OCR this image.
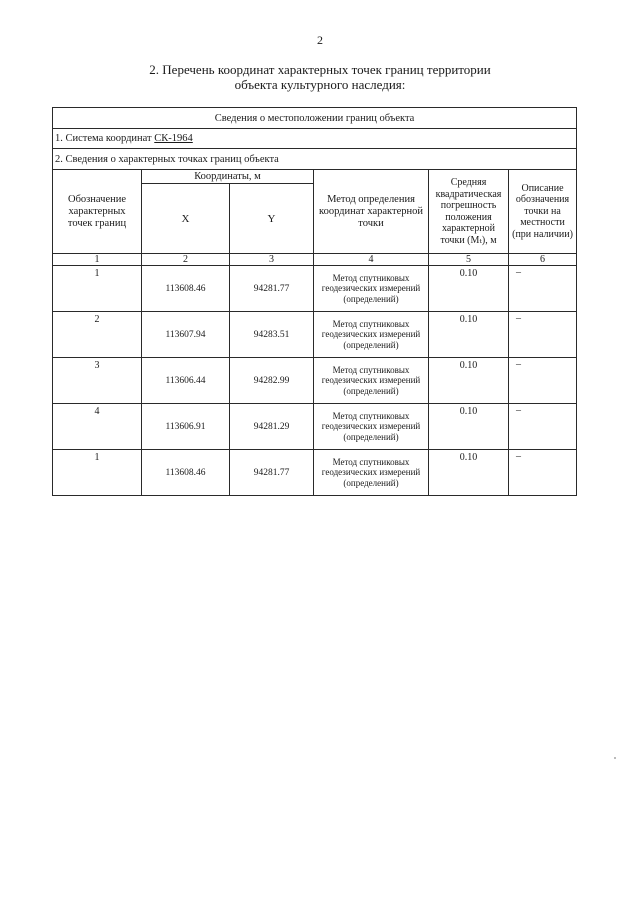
2
2. Перечень координат характерных точек границ территории
объекта культурного наследия:
Сведения о местоположении границ объекта					
1. Система координат СК-1964					
2. Сведения о характерных точках границ объекта					
Обозначение характерных точек границ	Координаты, м		Метод определения координат характерной точки	Средняя квадратическая погрешность положения характерной точки (Mₜ), м	Описание обозначения точки на местности (при наличии)
	X	Y			
1	2	3	4	5	6
1	113608.46	94281.77	Метод спутниковых геодезических измерений (определений)	0.10	–
2	113607.94	94283.51	Метод спутниковых геодезических измерений (определений)	0.10	–
3	113606.44	94282.99	Метод спутниковых геодезических измерений (определений)	0.10	–
4	113606.91	94281.29	Метод спутниковых геодезических измерений (определений)	0.10	–
1	113608.46	94281.77	Метод спутниковых геодезических измерений (определений)	0.10	–
